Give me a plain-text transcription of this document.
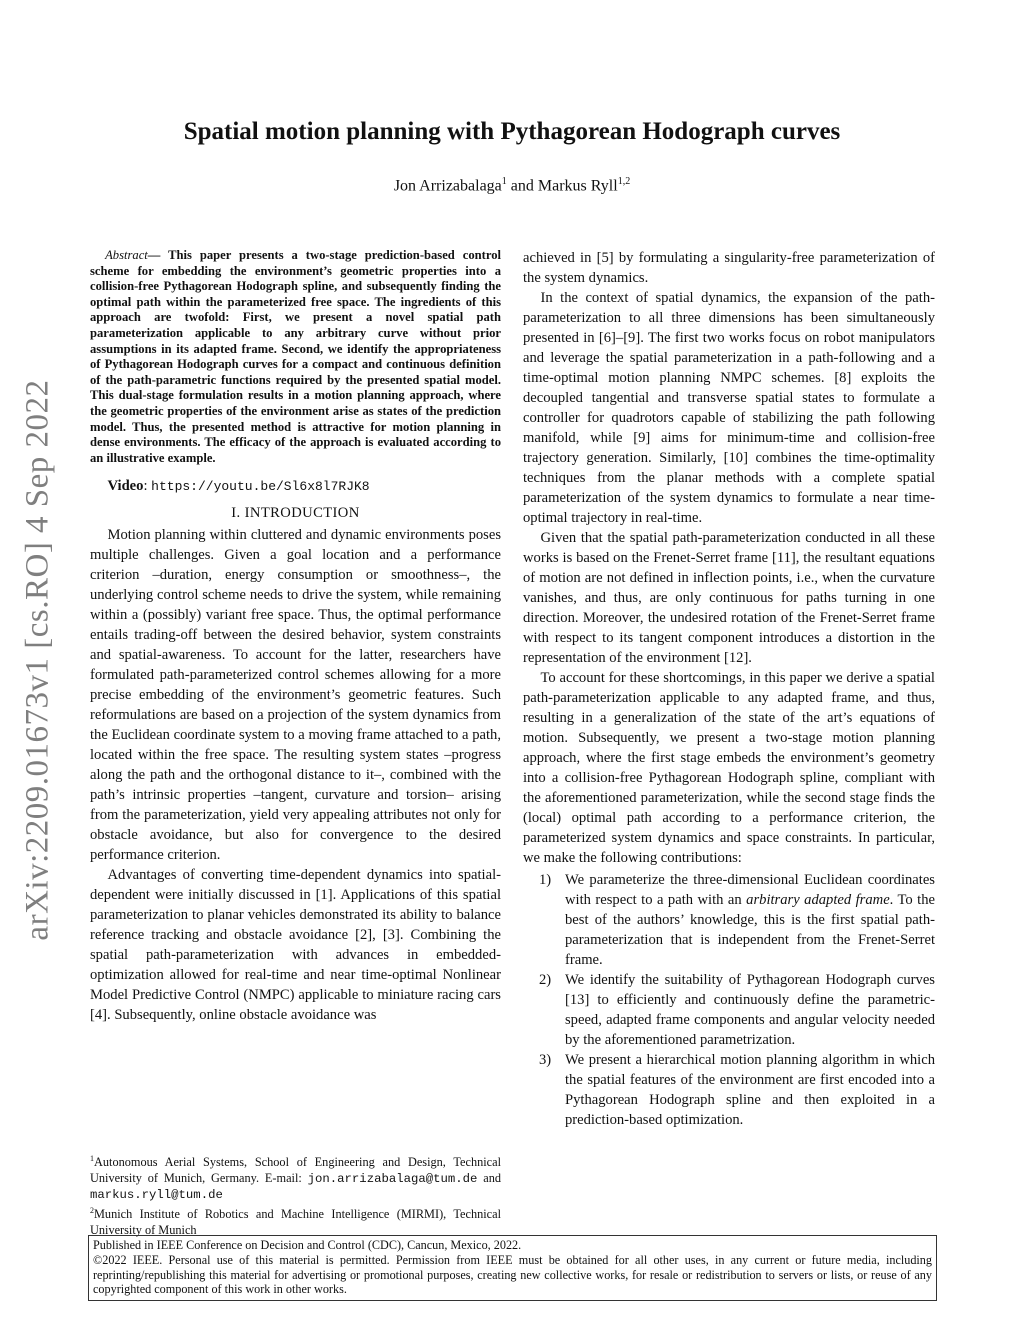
arXiv:2209.01673v1 [cs.RO] 4 Sep 2022
Spatial motion planning with Pythagorean Hodograph curves
Jon Arrizabalaga$^1$ and Markus Ryll$^{1,2}$

Abstract— This paper presents a two-stage prediction-based control scheme for embedding the environment’s geometric properties into a collision-free Pythagorean Hodograph spline, and subsequently finding the optimal path within the parameterized free space. The ingredients of this approach are twofold: First, we present a novel spatial path parameterization applicable to any arbitrary curve without prior assumptions in its adapted frame. Second, we identify the appropriateness of Pythagorean Hodograph curves for a compact and continuous definition of the path-parametric functions required by the presented spatial model. This dual-stage formulation results in a motion planning approach, where the geometric properties of the environment arise as states of the prediction model. Thus, the presented method is attractive for motion planning in dense environments. The efficacy of the approach is evaluated according to an illustrative example.

Video: https://youtu.be/Sl6x8l7RJK8

I. INTRODUCTION

Motion planning within cluttered and dynamic environments poses multiple challenges. Given a goal location and a performance criterion –duration, energy consumption or smoothness–, the underlying control scheme needs to drive the system, while remaining within a (possibly) variant free space. Thus, the optimal performance entails trading-off between the desired behavior, system constraints and spatial-awareness. To account for the latter, researchers have formulated path-parameterized control schemes allowing for a more precise embedding of the environment’s geometric features. Such reformulations are based on a projection of the system dynamics from the Euclidean coordinate system to a moving frame attached to a path, located within the free space. The resulting system states –progress along the path and the orthogonal distance to it–, combined with the path’s intrinsic properties –tangent, curvature and torsion– arising from the parameterization, yield very appealing attributes not only for obstacle avoidance, but also for convergence to the desired performance criterion.

Advantages of converting time-dependent dynamics into spatial-dependent were initially discussed in [1]. Applications of this spatial parameterization to planar vehicles demonstrated its ability to balance reference tracking and obstacle avoidance [2], [3]. Combining the spatial path-parameterization with advances in embedded-optimization allowed for real-time and near time-optimal Nonlinear Model Predictive Control (NMPC) applicable to miniature racing cars [4]. Subsequently, online obstacle avoidance was

achieved in [5] by formulating a singularity-free parameterization of the system dynamics.

In the context of spatial dynamics, the expansion of the path-parameterization to all three dimensions has been simultaneously presented in [6]–[9]. The first two works focus on robot manipulators and leverage the spatial parameterization in a path-following and a time-optimal motion planning NMPC schemes. [8] exploits the decoupled tangential and transverse spatial states to formulate a controller for quadrotors capable of stabilizing the path following manifold, while [9] aims for minimum-time and collision-free trajectory generation. Similarly, [10] combines the time-optimality techniques from the planar methods with a complete spatial parameterization of the system dynamics to formulate a near time-optimal trajectory in real-time.

Given that the spatial path-parameterization conducted in all these works is based on the Frenet-Serret frame [11], the resultant equations of motion are not defined in inflection points, i.e., when the curvature vanishes, and thus, are only continuous for paths turning in one direction. Moreover, the undesired rotation of the Frenet-Serret frame with respect to its tangent component introduces a distortion in the representation of the environment [12].

To account for these shortcomings, in this paper we derive a spatial path-parameterization applicable to any adapted frame, and thus, resulting in a generalization of the state of the art’s equations of motion. Subsequently, we present a two-stage motion planning approach, where the first stage embeds the environment’s geometry into a collision-free Pythagorean Hodograph spline, compliant with the aforementioned parameterization, while the second stage finds the (local) optimal path according to a performance criterion, the parameterized system dynamics and space constraints. In particular, we make the following contributions:

1) We parameterize the three-dimensional Euclidean coordinates with respect to a path with an arbitrary adapted frame. To the best of the authors’ knowledge, this is the first spatial path-parameterization that is independent from the Frenet-Serret frame.
2) We identify the suitability of Pythagorean Hodograph curves [13] to efficiently and continuously define the parametric-speed, adapted frame components and angular velocity needed by the aforementioned parametrization.
3) We present a hierarchical motion planning algorithm in which the spatial features of the environment are first encoded into a Pythagorean Hodograph spline and then exploited in a prediction-based optimization.

$^1$Autonomous Aerial Systems, School of Engineering and Design, Technical University of Munich, Germany. E-mail: jon.arrizabalaga@tum.de and markus.ryll@tum.de

$^2$Munich Institute of Robotics and Machine Intelligence (MIRMI), Technical University of Munich

Published in IEEE Conference on Decision and Control (CDC), Cancun, Mexico, 2022.

©2022 IEEE. Personal use of this material is permitted. Permission from IEEE must be obtained for all other uses, in any current or future media, including reprinting/republishing this material for advertising or promotional purposes, creating new collective works, for resale or redistribution to servers or lists, or reuse of any copyrighted component of this work in other works.
